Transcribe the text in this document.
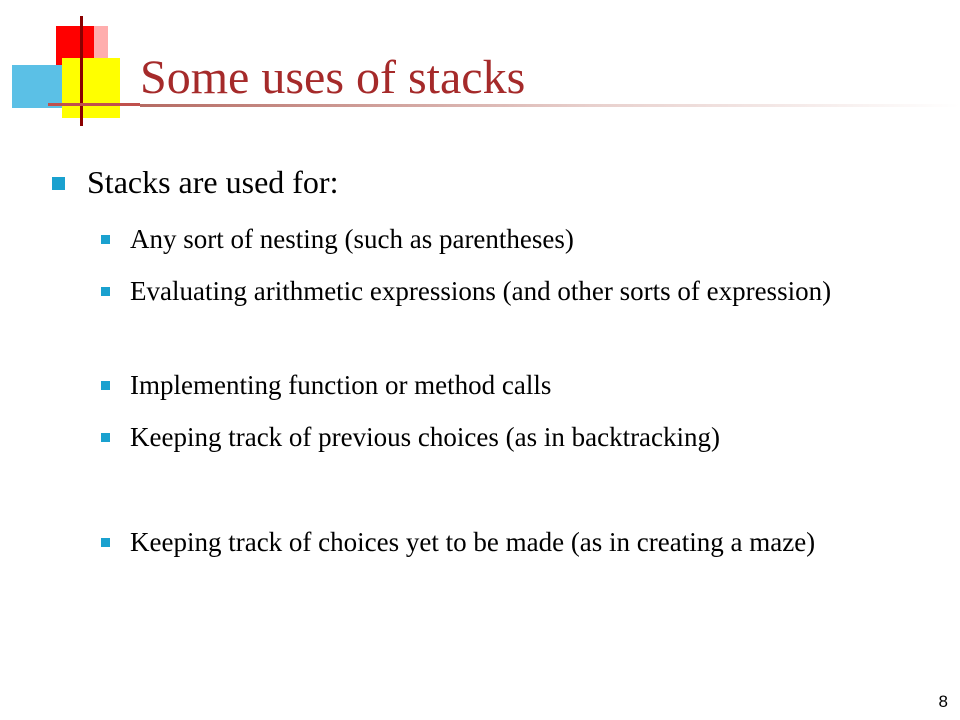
Some uses of stacks
Stacks are used for:
Any sort of nesting (such as parentheses)
Evaluating arithmetic expressions (and other sorts of expression)
Implementing function or method calls
Keeping track of previous choices (as in backtracking)
Keeping track of choices yet to be made (as in creating a maze)
8
